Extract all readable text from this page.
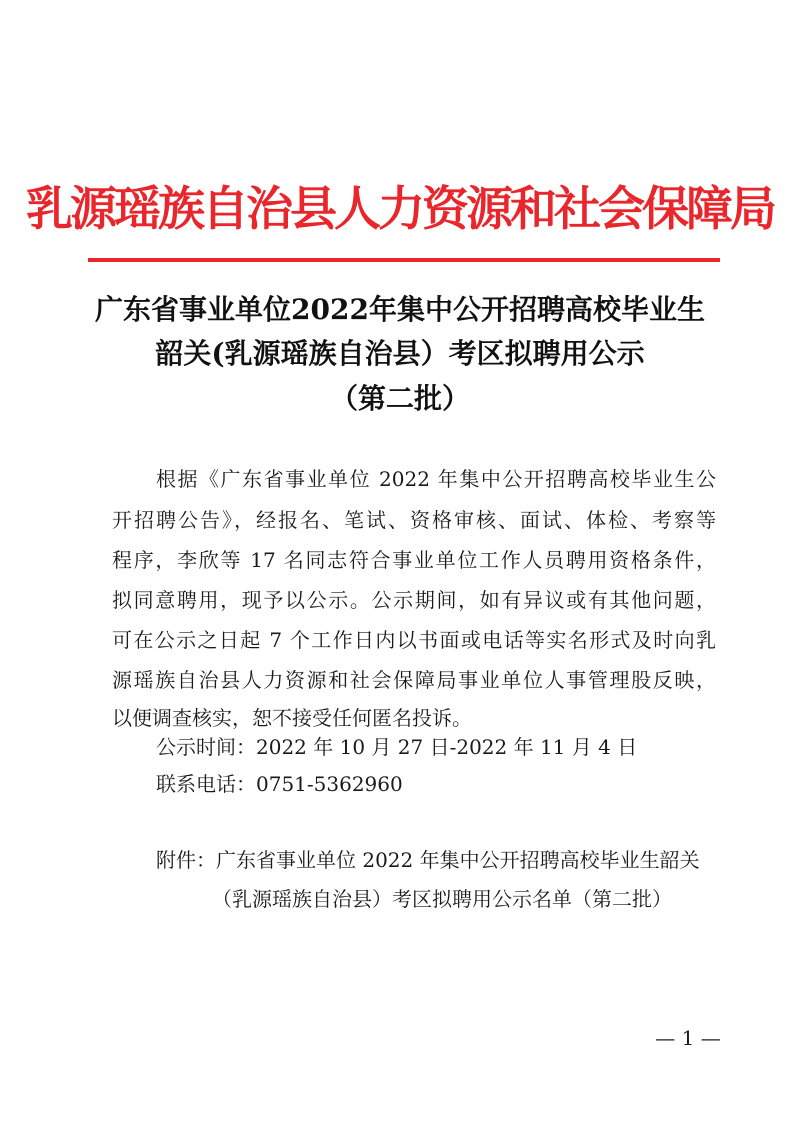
乳源瑶族自治县人力资源和社会保障局
广东省事业单位2022年集中公开招聘高校毕业生
韶关(乳源瑶族自治县）考区拟聘用公示
（第二批）
根据《广东省事业单位 2022 年集中公开招聘高校毕业生公
开招聘公告》，经报名、笔试、资格审核、面试、体检、考察等
程序，李欣等 17 名同志符合事业单位工作人员聘用资格条件，
拟同意聘用，现予以公示。公示期间，如有异议或有其他问题，
可在公示之日起 7 个工作日内以书面或电话等实名形式及时向乳
源瑶族自治县人力资源和社会保障局事业单位人事管理股反映，
以便调查核实，恕不接受任何匿名投诉。
公示时间：2022 年 10 月 27 日-2022 年 11 月 4 日
联系电话：0751-5362960
附件：广东省事业单位 2022 年集中公开招聘高校毕业生韶关
（乳源瑶族自治县）考区拟聘用公示名单（第二批）
— 1 —
